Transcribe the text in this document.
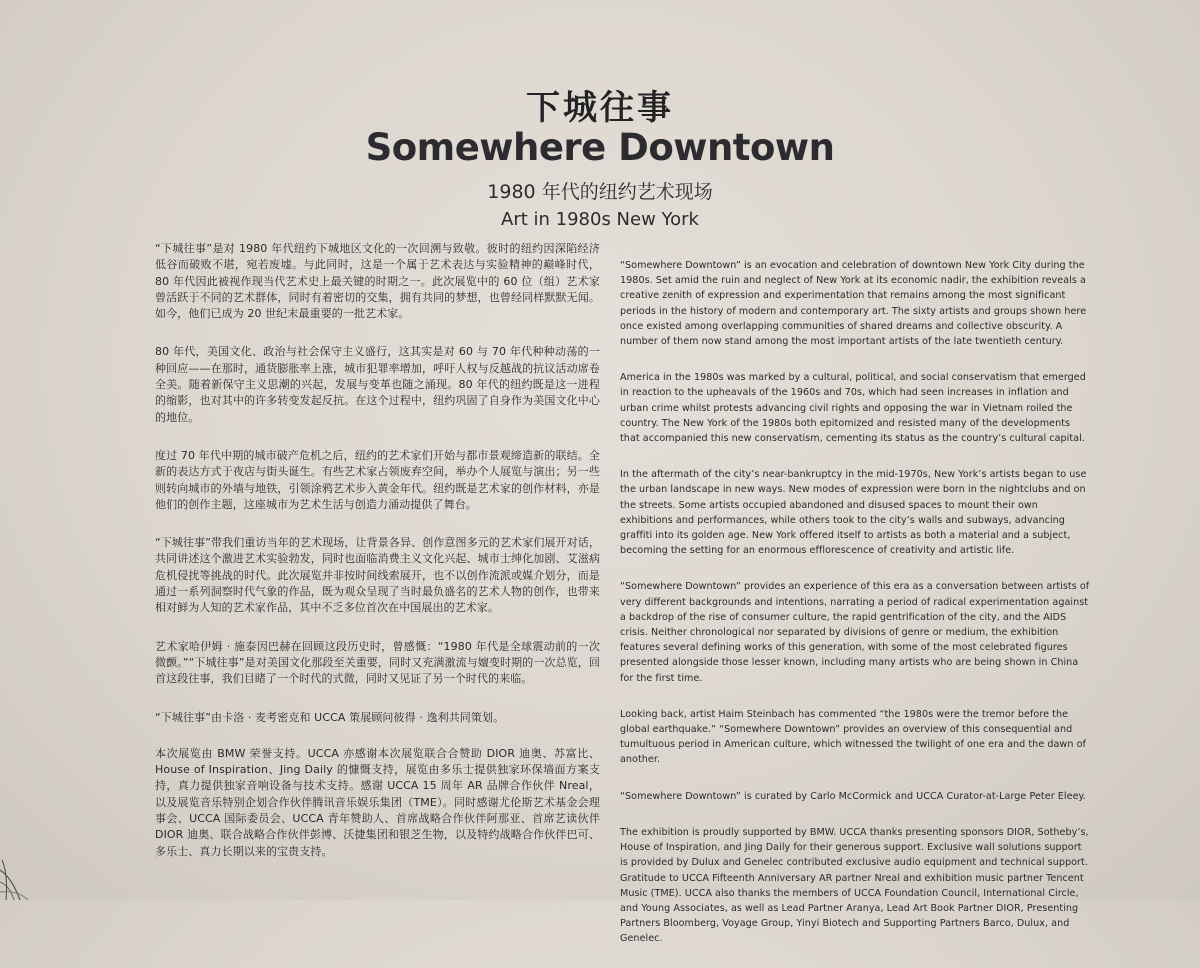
下城往事
Somewhere Downtown
1980 年代的纽约艺术现场
Art in 1980s New York

“下城往事”是对 1980 年代纽约下城地区文化的一次回溯与致敬。彼时的纽约因深陷经济低谷而破败不堪，宛若废墟。与此同时，这是一个属于艺术表达与实验精神的巅峰时代，80 年代因此被视作现当代艺术史上最关键的时期之一。此次展览中的 60 位（组）艺术家曾活跃于不同的艺术群体，同时有着密切的交集，拥有共同的梦想，也曾经同样默默无闻。如今，他们已成为 20 世纪末最重要的一批艺术家。

80 年代，美国文化、政治与社会保守主义盛行，这其实是对 60 与 70 年代种种动荡的一种回应——在那时，通货膨胀率上涨，城市犯罪率增加，呼吁人权与反越战的抗议活动席卷全美。随着新保守主义思潮的兴起，发展与变革也随之涌现。80 年代的纽约既是这一进程的缩影，也对其中的许多转变发起反抗。在这个过程中，纽约巩固了自身作为美国文化中心的地位。

度过 70 年代中期的城市破产危机之后，纽约的艺术家们开始与都市景观缔造新的联结。全新的表达方式于夜店与街头诞生。有些艺术家占领废弃空间，举办个人展览与演出；另一些则转向城市的外墙与地铁，引领涂鸦艺术步入黄金年代。纽约既是艺术家的创作材料，亦是他们的创作主题，这座城市为艺术生活与创造力涌动提供了舞台。

“下城往事”带我们重访当年的艺术现场，让背景各异、创作意图多元的艺术家们展开对话，共同讲述这个激进艺术实验勃发，同时也面临消费主义文化兴起、城市士绅化加剧、艾滋病危机侵扰等挑战的时代。此次展览并非按时间线索展开，也不以创作流派或媒介划分，而是通过一系列洞察时代气象的作品，既为观众呈现了当时最负盛名的艺术人物的创作，也带来相对鲜为人知的艺术家作品，其中不乏多位首次在中国展出的艺术家。

艺术家哈伊姆 · 施泰因巴赫在回顾这段历史时，曾感慨：“1980 年代是全球震动前的一次微颤。”“下城往事”是对美国文化那段至关重要，同时又充满激流与嬗变时期的一次总览，回首这段往事，我们目睹了一个时代的式微，同时又见证了另一个时代的来临。

“下城往事”由卡洛 · 麦考密克和 UCCA 策展顾问彼得 · 逸利共同策划。

本次展览由 BMW 荣誉支持。UCCA 亦感谢本次展览联合合赞助 DIOR 迪奥、苏富比、House of Inspiration、Jing Daily 的慷慨支持，展览由多乐士提供独家环保墙面方案支持，真力提供独家音响设备与技术支持。感谢 UCCA 15 周年 AR 品牌合作伙伴 Nreal，以及展览音乐特别企划合作伙伴腾讯音乐娱乐集团（TME）。同时感谢尤伦斯艺术基金会理事会、UCCA 国际委员会、UCCA 青年赞助人、首席战略合作伙伴阿那亚、首席艺读伙伴 DIOR 迪奥、联合战略合作伙伴彭博、沃捷集团和银芝生物，以及特约战略合作伙伴巴可、多乐士、真力长期以来的宝贵支持。

“Somewhere Downtown” is an evocation and celebration of downtown New York City during the 1980s. Set amid the ruin and neglect of New York at its economic nadir, the exhibition reveals a creative zenith of expression and experimentation that remains among the most significant periods in the history of modern and contemporary art. The sixty artists and groups shown here once existed among overlapping communities of shared dreams and collective obscurity. A number of them now stand among the most important artists of the late twentieth century.

America in the 1980s was marked by a cultural, political, and social conservatism that emerged in reaction to the upheavals of the 1960s and 70s, which had seen increases in inflation and urban crime whilst protests advancing civil rights and opposing the war in Vietnam roiled the country. The New York of the 1980s both epitomized and resisted many of the developments that accompanied this new conservatism, cementing its status as the country’s cultural capital.

In the aftermath of the city’s near-bankruptcy in the mid-1970s, New York’s artists began to use the urban landscape in new ways. New modes of expression were born in the nightclubs and on the streets. Some artists occupied abandoned and disused spaces to mount their own exhibitions and performances, while others took to the city’s walls and subways, advancing graffiti into its golden age. New York offered itself to artists as both a material and a subject, becoming the setting for an enormous efflorescence of creativity and artistic life.

“Somewhere Downtown” provides an experience of this era as a conversation between artists of very different backgrounds and intentions, narrating a period of radical experimentation against a backdrop of the rise of consumer culture, the rapid gentrification of the city, and the AIDS crisis. Neither chronological nor separated by divisions of genre or medium, the exhibition features several defining works of this generation, with some of the most celebrated figures presented alongside those lesser known, including many artists who are being shown in China for the first time.

Looking back, artist Haim Steinbach has commented “the 1980s were the tremor before the global earthquake.” “Somewhere Downtown” provides an overview of this consequential and tumultuous period in American culture, which witnessed the twilight of one era and the dawn of another.

“Somewhere Downtown” is curated by Carlo McCormick and UCCA Curator-at-Large Peter Eleey.

The exhibition is proudly supported by BMW. UCCA thanks presenting sponsors DIOR, Sotheby’s, House of Inspiration, and Jing Daily for their generous support. Exclusive wall solutions support is provided by Dulux and Genelec contributed exclusive audio equipment and technical support. Gratitude to UCCA Fifteenth Anniversary AR partner Nreal and exhibition music partner Tencent Music (TME). UCCA also thanks the members of UCCA Foundation Council, International Circle, and Young Associates, as well as Lead Partner Aranya, Lead Art Book Partner DIOR, Presenting Partners Bloomberg, Voyage Group, Yinyi Biotech and Supporting Partners Barco, Dulux, and Genelec.
